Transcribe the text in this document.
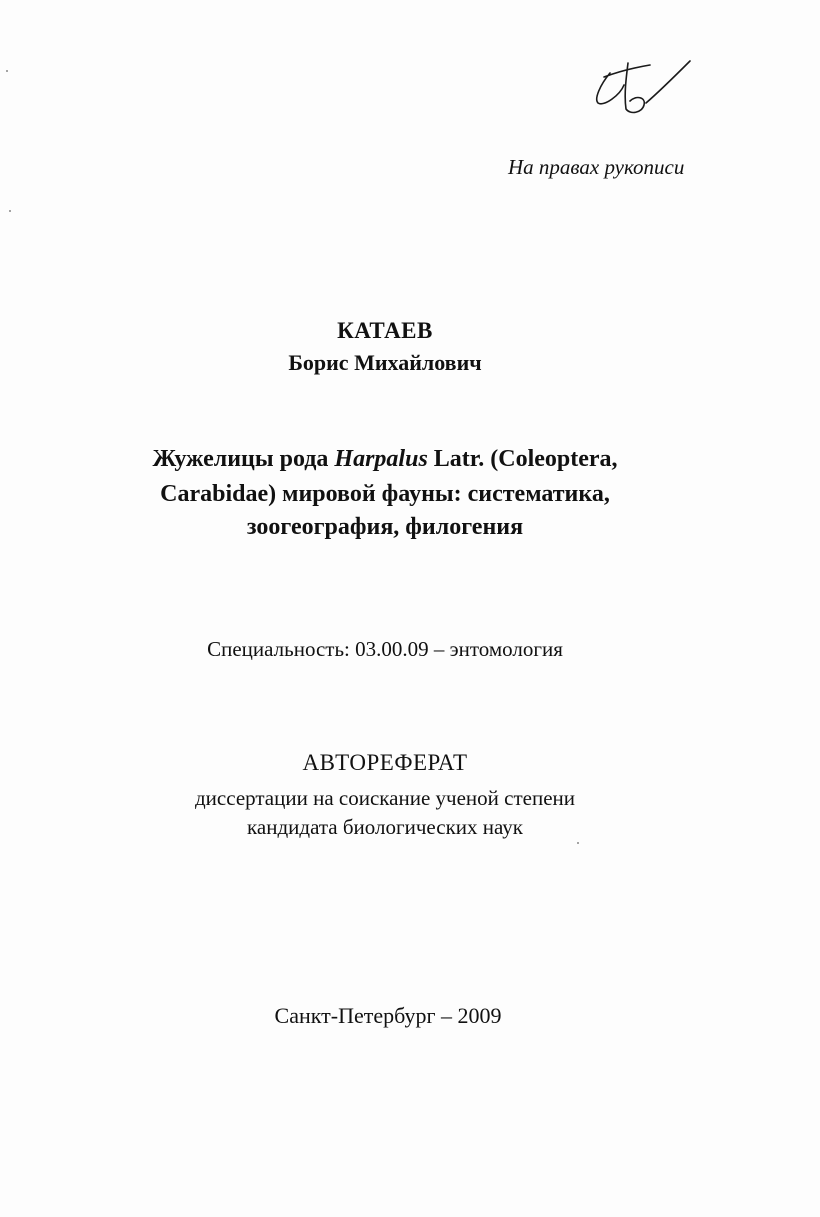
На правах рукописи
КАТАЕВ
Борис Михайлович
Жужелицы рода Harpalus Latr. (Coleoptera,
Carabidae) мировой фауны: систематика,
зоогеография, филогения
Специальность: 03.00.09 – энтомология
АВТОРЕФЕРАТ
диссертации на соискание ученой степени
кандидата биологических наук
Санкт-Петербург – 2009
